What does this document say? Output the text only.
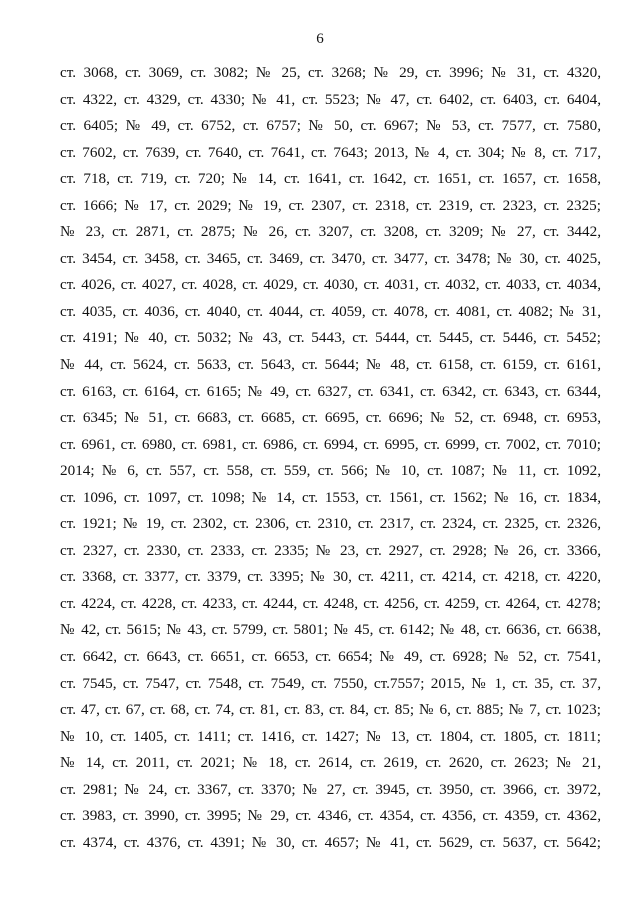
6
ст. 3068, ст. 3069, ст. 3082; № 25, ст. 3268; № 29, ст. 3996; № 31, ст. 4320,
ст. 4322, ст. 4329, ст. 4330; № 41, ст. 5523; № 47, ст. 6402, ст. 6403, ст. 6404,
ст. 6405; № 49, ст. 6752, ст. 6757; № 50, ст. 6967; № 53, ст. 7577, ст. 7580,
ст. 7602, ст. 7639, ст. 7640, ст. 7641, ст. 7643; 2013, № 4, ст. 304; № 8, ст. 717,
ст. 718, ст. 719, ст. 720; № 14, ст. 1641, ст. 1642, ст. 1651, ст. 1657, ст. 1658,
ст. 1666; № 17, ст. 2029; № 19, ст. 2307, ст. 2318, ст. 2319, ст. 2323, ст. 2325;
№ 23, ст. 2871, ст. 2875; № 26, ст. 3207, ст. 3208, ст. 3209; № 27, ст. 3442,
ст. 3454, ст. 3458, ст. 3465, ст. 3469, ст. 3470, ст. 3477, ст. 3478; № 30, ст. 4025,
ст. 4026, ст. 4027, ст. 4028, ст. 4029, ст. 4030, ст. 4031, ст. 4032, ст. 4033, ст. 4034,
ст. 4035, ст. 4036, ст. 4040, ст. 4044, ст. 4059, ст. 4078, ст. 4081, ст. 4082; № 31,
ст. 4191; № 40, ст. 5032; № 43, ст. 5443, ст. 5444, ст. 5445, ст. 5446, ст. 5452;
№ 44, ст. 5624, ст. 5633, ст. 5643, ст. 5644; № 48, ст. 6158, ст. 6159, ст. 6161,
ст. 6163, ст. 6164, ст. 6165; № 49, ст. 6327, ст. 6341, ст. 6342, ст. 6343, ст. 6344,
ст. 6345; № 51, ст. 6683, ст. 6685, ст. 6695, ст. 6696; № 52, ст. 6948, ст. 6953,
ст. 6961, ст. 6980, ст. 6981, ст. 6986, ст. 6994, ст. 6995, ст. 6999, ст. 7002, ст. 7010;
2014; № 6, ст. 557, ст. 558, ст. 559, ст. 566; № 10, ст. 1087; № 11, ст. 1092,
ст. 1096, ст. 1097, ст. 1098; № 14, ст. 1553, ст. 1561, ст. 1562; № 16, ст. 1834,
ст. 1921; № 19, ст. 2302, ст. 2306, ст. 2310, ст. 2317, ст. 2324, ст. 2325, ст. 2326,
ст. 2327, ст. 2330, ст. 2333, ст. 2335; № 23, ст. 2927, ст. 2928; № 26, ст. 3366,
ст. 3368, ст. 3377, ст. 3379, ст. 3395; № 30, ст. 4211, ст. 4214, ст. 4218, ст. 4220,
ст. 4224, ст. 4228, ст. 4233, ст. 4244, ст. 4248, ст. 4256, ст. 4259, ст. 4264, ст. 4278;
№ 42, ст. 5615; № 43, ст. 5799, ст. 5801; № 45, ст. 6142; № 48, ст. 6636, ст. 6638,
ст. 6642, ст. 6643, ст. 6651, ст. 6653, ст. 6654; № 49, ст. 6928; № 52, ст. 7541,
ст. 7545, ст. 7547, ст. 7548, ст. 7549, ст. 7550, ст.7557; 2015, № 1, ст. 35, ст. 37,
ст. 47, ст. 67, ст. 68, ст. 74, ст. 81, ст. 83, ст. 84, ст. 85; № 6, ст. 885; № 7, ст. 1023;
№ 10, ст. 1405, ст. 1411; ст. 1416, ст. 1427; № 13, ст. 1804, ст. 1805, ст. 1811;
№ 14, ст. 2011, ст. 2021; № 18, ст. 2614, ст. 2619, ст. 2620, ст. 2623; № 21,
ст. 2981; № 24, ст. 3367, ст. 3370; № 27, ст. 3945, ст. 3950, ст. 3966, ст. 3972,
ст. 3983, ст. 3990, ст. 3995; № 29, ст. 4346, ст. 4354, ст. 4356, ст. 4359, ст. 4362,
ст. 4374, ст. 4376, ст. 4391; № 30, ст. 4657; № 41, ст. 5629, ст. 5637, ст. 5642;
